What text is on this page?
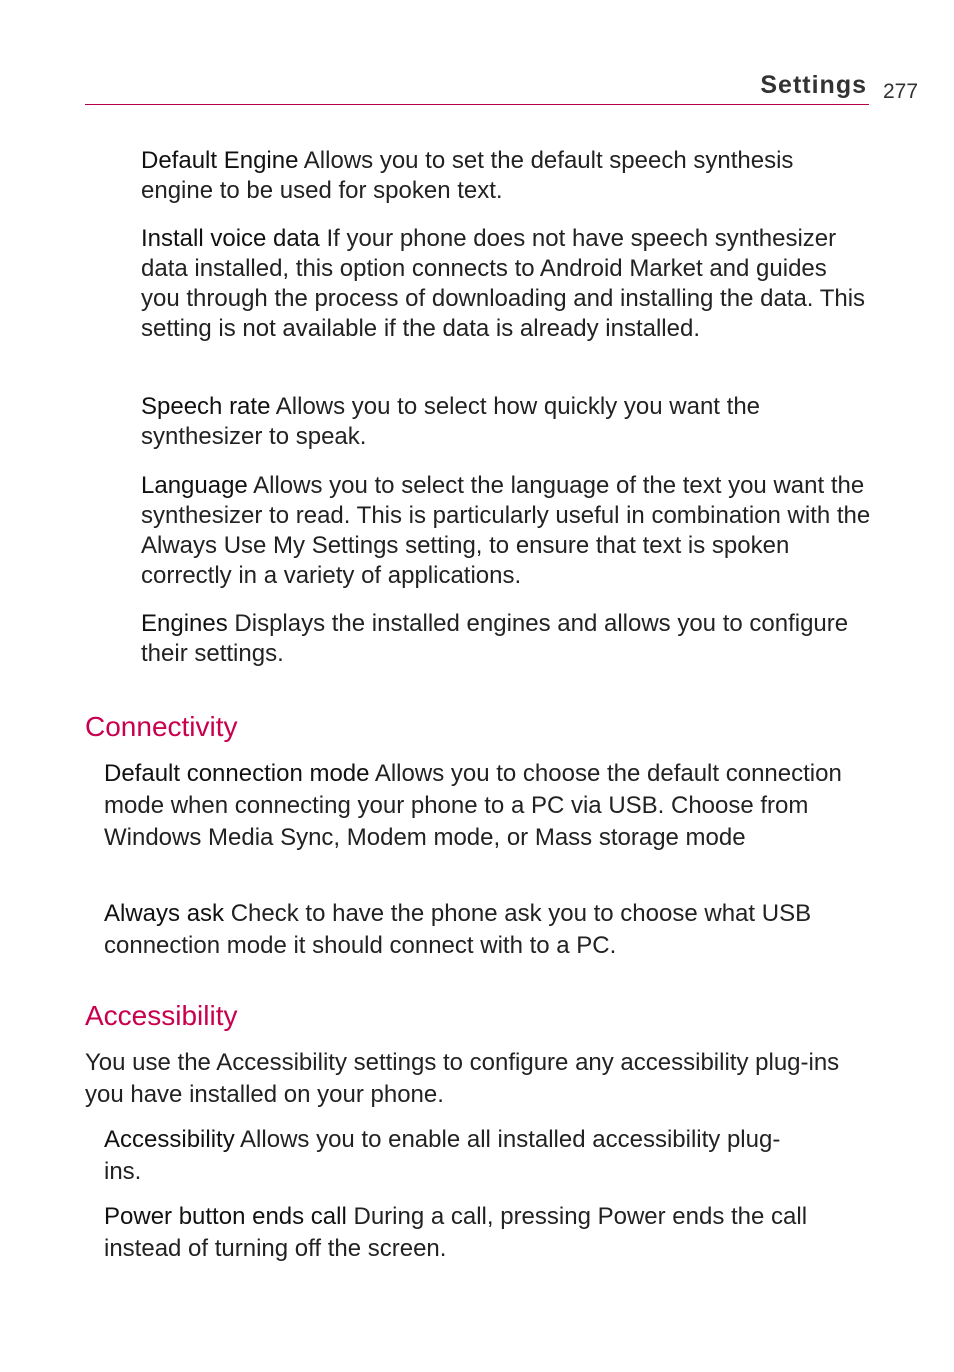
Settings 277

Default Engine Allows you to set the default speech synthesis engine to be used for spoken text.

Install voice data If your phone does not have speech synthesizer data installed, this option connects to Android Market and guides you through the process of downloading and installing the data. This setting is not available if the data is already installed.

Speech rate Allows you to select how quickly you want the synthesizer to speak.

Language Allows you to select the language of the text you want the synthesizer to read. This is particularly useful in combination with the Always Use My Settings setting, to ensure that text is spoken correctly in a variety of applications.

Engines Displays the installed engines and allows you to configure their settings.

Connectivity

Default connection mode Allows you to choose the default connection mode when connecting your phone to a PC via USB. Choose from Windows Media Sync, Modem mode, or Mass storage mode

Always ask Check to have the phone ask you to choose what USB connection mode it should connect with to a PC.

Accessibility

You use the Accessibility settings to configure any accessibility plug-ins you have installed on your phone.

Accessibility Allows you to enable all installed accessibility plug-ins.

Power button ends call During a call, pressing Power ends the call instead of turning off the screen.
